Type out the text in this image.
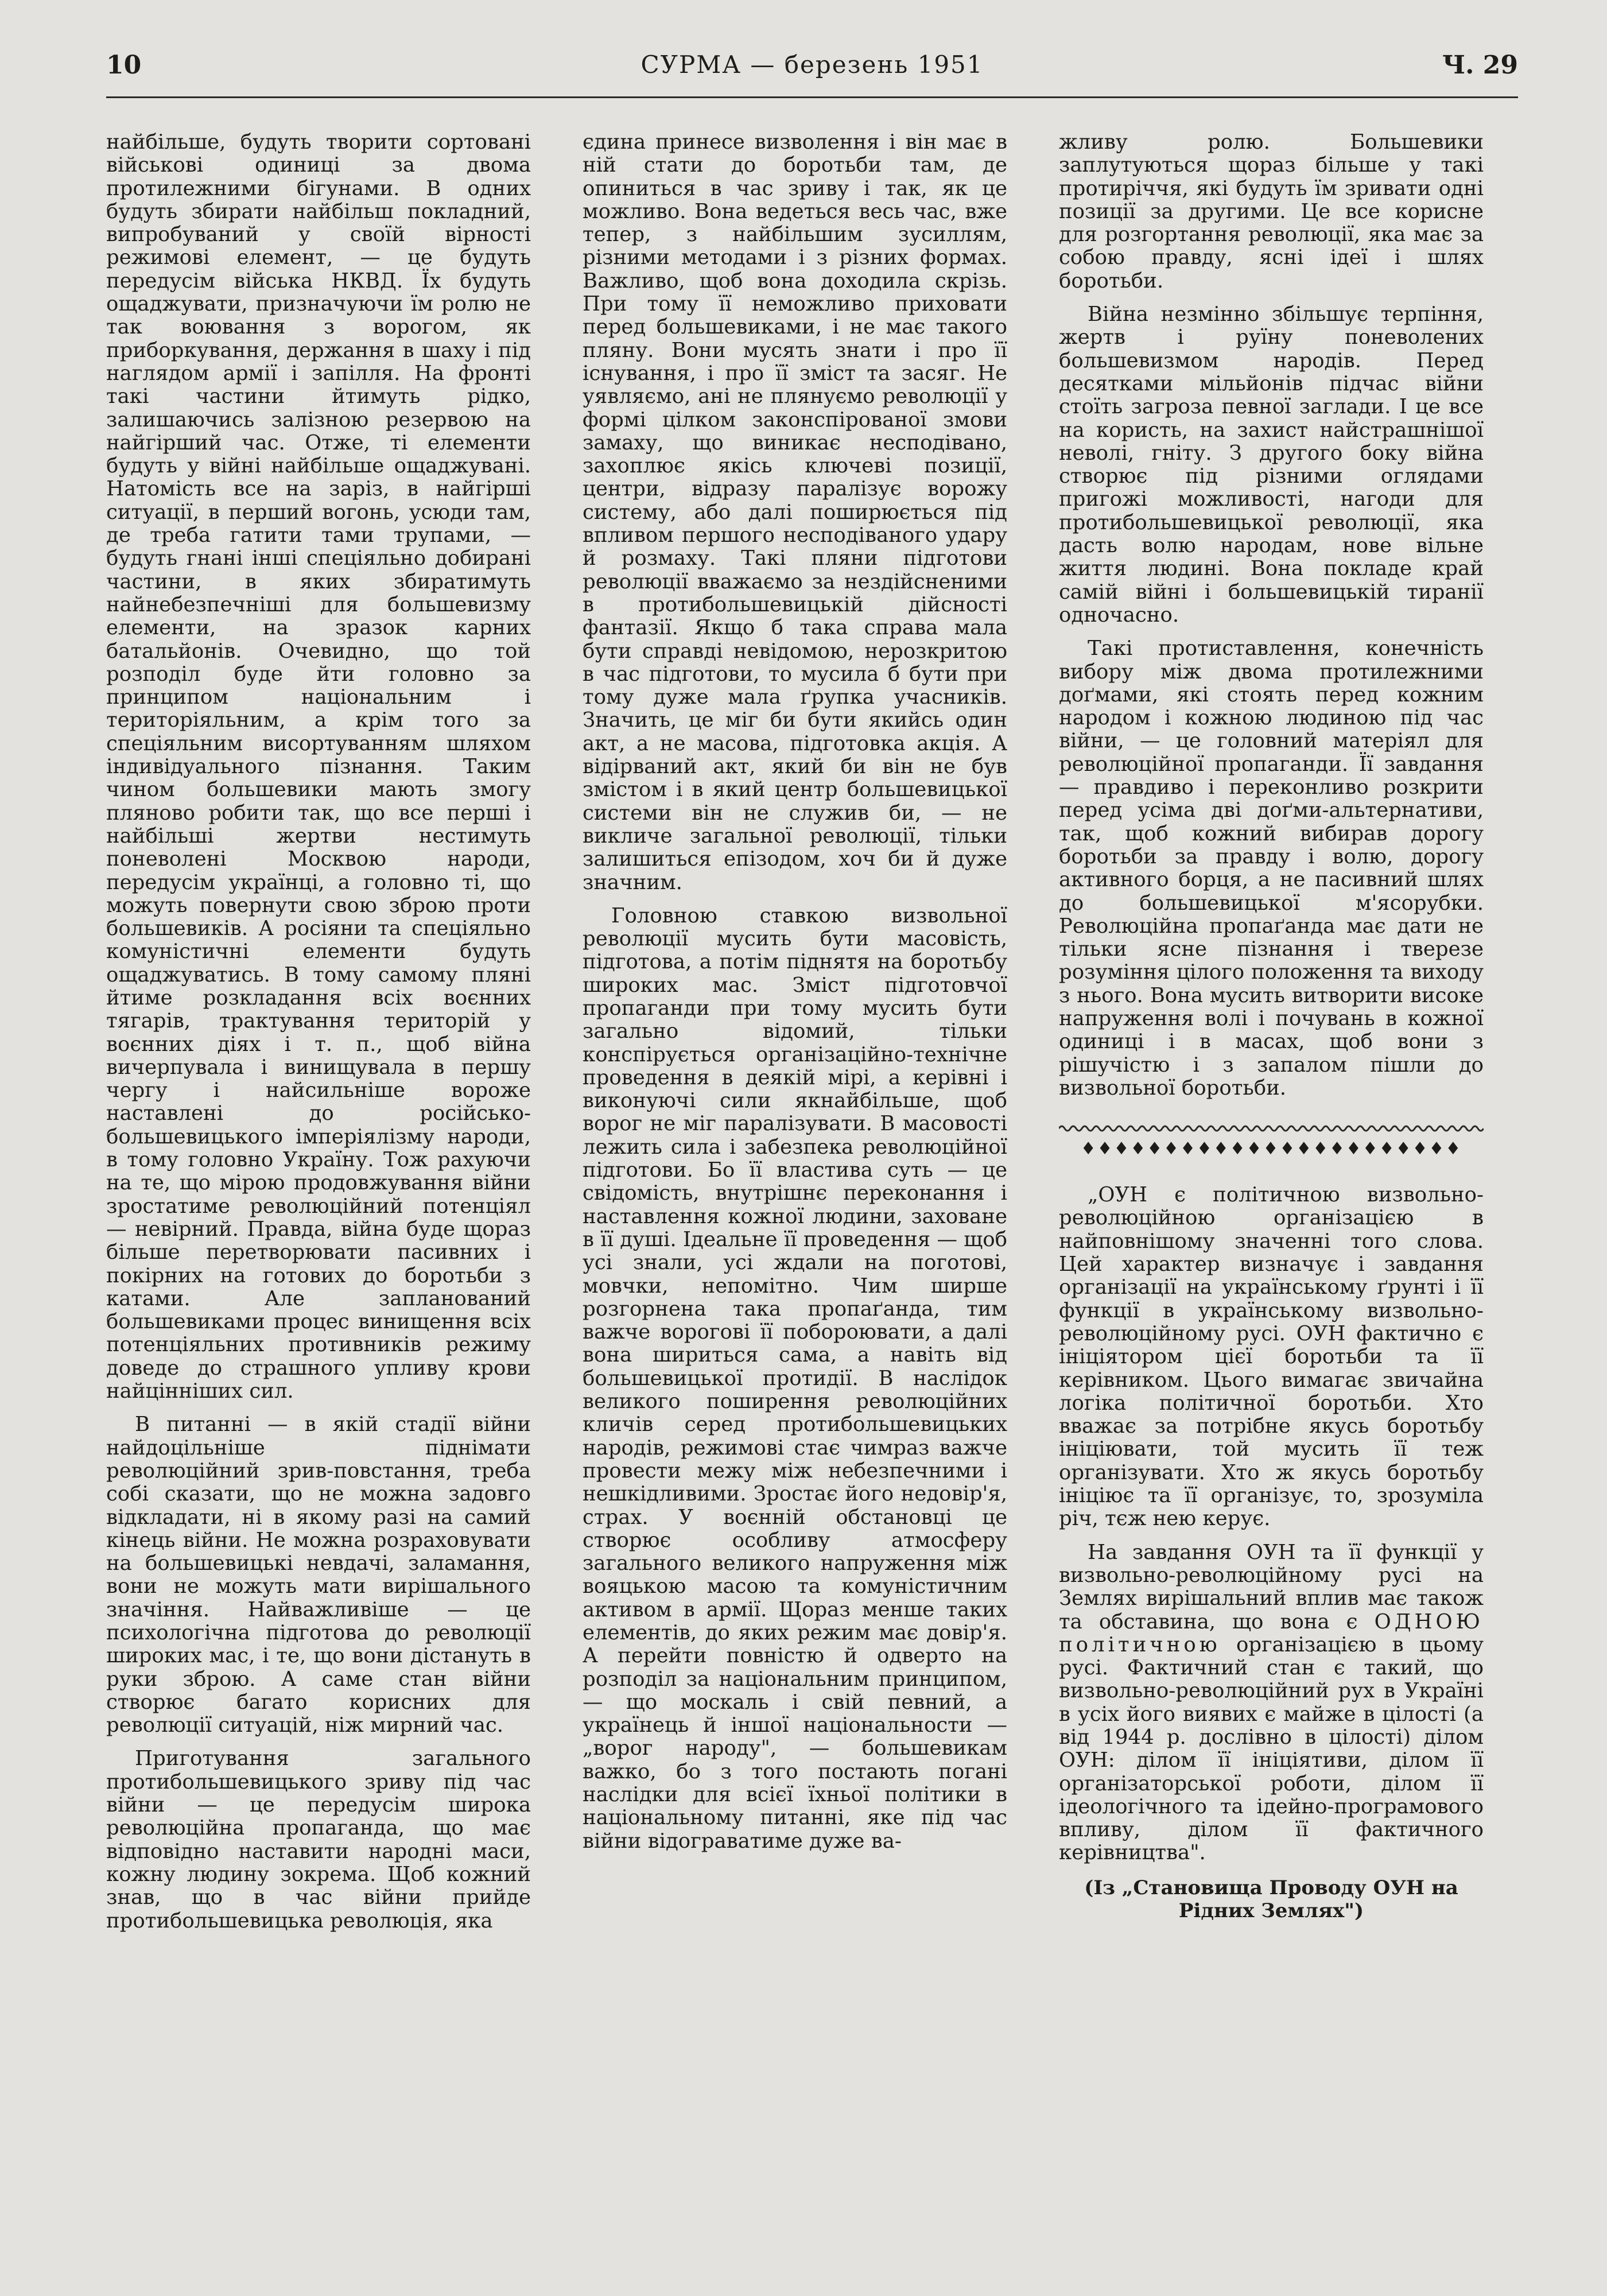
10	СУРМА — березень 1951	Ч. 29

найбільше, будуть творити сортовані військові одиниці за двома протилежними бігунами. В одних будуть збирати найбільш покладний, випробуваний у своїй вірності режимові елемент, — це будуть передусім війська НКВД. Їх будуть ощаджувати, призначуючи їм ролю не так воювання з ворогом, як приборкування, держання в шаху і під наглядом армії і запілля. На фронті такі частини йтимуть рідко, залишаючись залізною резервою на найгірший час. Отже, ті елементи будуть у війні найбільше ощаджувані. Натомість все на заріз, в найгірші ситуації, в перший вогонь, усюди там, де треба гатити тами трупами, — будуть гнані інші спеціяльно добирані частини, в яких збиратимуть найнебезпечніші для большевизму елементи, на зразок карних батальйонів. Очевидно, що той розподіл буде йти головно за принципом національним і територіяльним, а крім того за спеціяльним висортуванням шляхом індивідуального пізнання. Таким чином большевики мають змогу пляново робити так, що все перші і найбільші жертви нестимуть поневолені Москвою народи, передусім українці, а головно ті, що можуть повернути свою зброю проти большевиків. А росіяни та спеціяльно комуністичні елементи будуть ощаджуватись. В тому самому пляні йтиме розкладання всіх воєнних тягарів, трактування територій у воєнних діях і т. п., щоб війна вичерпувала і винищувала в першу чергу і найсильніше вороже наставлені до російсько-большевицького імперіялізму народи, в тому головно Україну. Тож рахуючи на те, що мірою продовжування війни зростатиме революційний потенціял — невірний. Правда, війна буде щораз більше перетворювати пасивних і покірних на готових до боротьби з катами. Але запланований большевиками процес винищення всіх потенціяльних противників режиму доведе до страшного упливу крови найцінніших сил.

В питанні — в якій стадії війни найдоцільніше піднімати революційний зрив-повстання, треба собі сказати, що не можна задовго відкладати, ні в якому разі на самий кінець війни. Не можна розраховувати на большевицькі невдачі, заламання, вони не можуть мати вирішального значіння. Найважливіше — це психологічна підготова до революції широких мас, і те, що вони дістануть в руки зброю. А саме стан війни створює багато корисних для революції ситуацій, ніж мирний час.

Приготування загального протибольшевицького зриву під час війни — це передусім широка революційна пропаганда, що має відповідно наставити народні маси, кожну людину зокрема. Щоб кожний знав, що в час війни прийде протибольшевицька революція, яка

єдина принесе визволення і він має в ній стати до боротьби там, де опиниться в час зриву і так, як це можливо. Вона ведеться весь час, вже тепер, з найбільшим зусиллям, різними методами і з різних формах. Важливо, щоб вона доходила скрізь. При тому її неможливо приховати перед большевиками, і не має такого пляну. Вони мусять знати і про її існування, і про її зміст та засяг. Не уявляємо, ані не плянуємо революції у формі цілком законспірованої змови замаху, що виникає несподівано, захоплює якісь ключеві позиції, центри, відразу паралізує ворожу систему, або далі поширюється під впливом першого несподіваного удару й розмаху. Такі пляни підготови революції вважаємо за нездійсненими в протибольшевицькій дійсності фантазії. Якщо б така справа мала бути справді невідомою, нерозкритою в час підготови, то мусила б бути при тому дуже мала ґрупка учасників. Значить, це міг би бути якийсь один акт, а не масова, підготовка акція. А відірваний акт, який би він не був змістом і в який центр большевицької системи він не служив би, — не викличе загальної революції, тільки залишиться епізодом, хоч би й дуже значним.

Головною ставкою визвольної революції мусить бути масовість, підготова, а потім піднятя на боротьбу широких мас. Зміст підготовчої пропаганди при тому мусить бути загально відомий, тільки конспірується організаційно-технічне проведення в деякій мірі, а керівні і виконуючі сили якнайбільше, щоб ворог не міг паралізувати. В масовості лежить сила і забезпека революційної підготови. Бо її властива суть — це свідомість, внутрішнє переконання і наставлення кожної людини, заховане в її душі. Ідеальне її проведення — щоб усі знали, усі ждали на поготові, мовчки, непомітно. Чим ширше розгорнена така пропаґанда, тим важче ворогові її побороювати, а далі вона шириться сама, а навіть від большевицької протидії. В наслідок великого поширення революційних кличів серед протибольшевицьких народів, режимові стає чимраз важче провести межу між небезпечними і нешкідливими. Зростає його недовір'я, страх. У воєнній обстановці це створює особливу атмосферу загального великого напруження між вояцькою масою та комуністичним активом в армії. Щораз менше таких елементів, до яких режим має довір'я. А перейти повністю й одверто на розподіл за національним принципом, — що москаль і свій певний, а українець й іншої національности — „ворог народу", — большевикам важко, бо з того постають погані наслідки для всієї їхньої політики в національному питанні, яке під час війни відограватиме дуже ва-

жливу ролю. Большевики заплутуються щораз більше у такі протиріччя, які будуть їм зривати одні позиції за другими. Це все корисне для розгортання революції, яка має за собою правду, ясні ідеї і шлях боротьби.

Війна незмінно збільшує терпіння, жертв і руїну поневолених большевизмом народів. Перед десятками мільйонів підчас війни стоїть загроза певної заглади. І це все на користь, на захист найстрашнішої неволі, гніту. З другого боку війна створює під різними оглядами пригожі можливості, нагоди для протибольшевицької революції, яка дасть волю народам, нове вільне життя людині. Вона покладе край самій війні і большевицькій тиранії одночасно.

Такі протиставлення, конечність вибору між двома протилежними доґмами, які стоять перед кожним народом і кожною людиною під час війни, — це головний матеріял для революційної пропаганди. Її завдання — правдиво і переконливо розкрити перед усіма дві доґми-альтернативи, так, щоб кожний вибирав дорогу боротьби за правду і волю, дорогу активного борця, а не пасивний шлях до большевицької м'ясорубки. Революційна пропаґанда має дати не тільки ясне пізнання і тверезе розуміння цілого положення та виходу з нього. Вона мусить витворити високе напруження волі і почувань в кожної одиниці і в масах, щоб вони з рішучістю і з запалом пішли до визвольної боротьби.

♦♦♦♦♦♦♦♦♦♦♦♦♦♦♦♦♦♦♦♦♦♦♦

„ОУН є політичною визвольно-революційною організацією в найповнішому значенні того слова. Цей характер визначує і завдання організації на українському ґрунті і її функції в українському визвольно-революційному русі. ОУН фактично є ініціятором цієї боротьби та її керівником. Цього вимагає звичайна логіка політичної боротьби. Хто вважає за потрібне якусь боротьбу ініціювати, той мусить її теж організувати. Хто ж якусь боротьбу ініціює та її організує, то, зрозуміла річ, тєж нею керує.

На завдання ОУН та її функції у визвольно-революційному русі на Землях вирішальний вплив має також та обставина, що вона є ОДНОЮ політичною організацією в цьому русі. Фактичний стан є такий, що визвольно-революційний рух в Україні в усіх його виявих є майже в цілості (а від 1944 р. дослівно в цілості) ділом ОУН: ділом її ініціятиви, ділом її організаторської роботи, ділом її ідеологічного та ідейно-програмового впливу, ділом її фактичного керівництва".

(Із „Становища Проводу ОУН на Рідних Землях")
